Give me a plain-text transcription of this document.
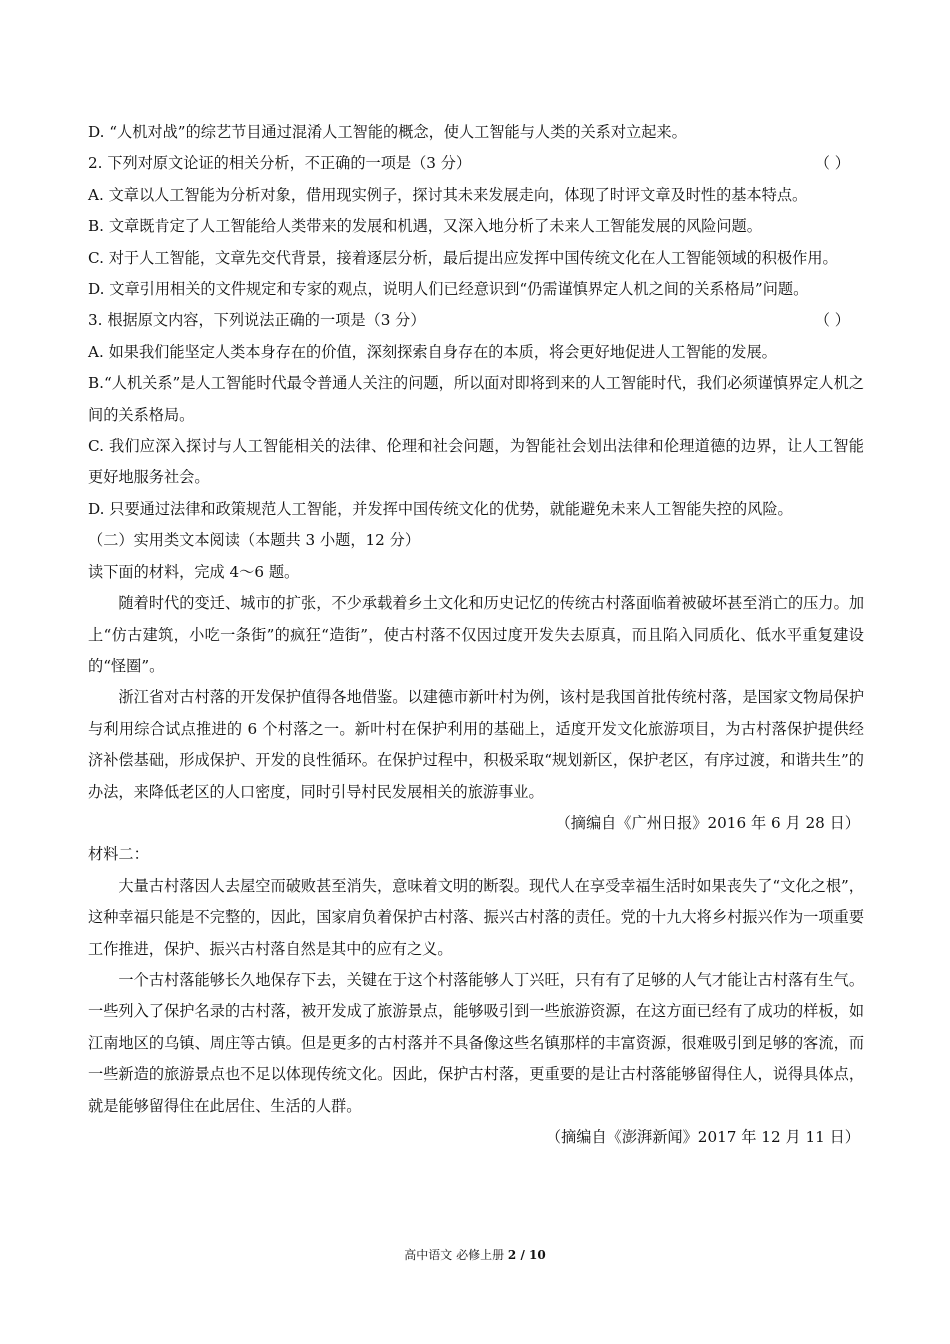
D. “人机对战”的综艺节目通过混淆人工智能的概念，使人工智能与人类的关系对立起来。

2. 下列对原文论证的相关分析，不正确的一项是（3 分）	（ ）

A. 文章以人工智能为分析对象，借用现实例子，探讨其未来发展走向，体现了时评文章及时性的基本特点。

B. 文章既肯定了人工智能给人类带来的发展和机遇，又深入地分析了未来人工智能发展的风险问题。

C. 对于人工智能，文章先交代背景，接着逐层分析，最后提出应发挥中国传统文化在人工智能领域的积极作用。

D. 文章引用相关的文件规定和专家的观点，说明人们已经意识到“仍需谨慎界定人机之间的关系格局”问题。

3. 根据原文内容，下列说法正确的一项是（3 分）	（ ）

A. 如果我们能坚定人类本身存在的价值，深刻探索自身存在的本质，将会更好地促进人工智能的发展。

B.“人机关系”是人工智能时代最令普通人关注的问题，所以面对即将到来的人工智能时代，我们必须谨慎界定人机之间的关系格局。

C. 我们应深入探讨与人工智能相关的法律、伦理和社会问题，为智能社会划出法律和伦理道德的边界，让人工智能更好地服务社会。

D. 只要通过法律和政策规范人工智能，并发挥中国传统文化的优势，就能避免未来人工智能失控的风险。

（二）实用类文本阅读（本题共 3 小题，12 分）

读下面的材料，完成 4～6 题。

随着时代的变迁、城市的扩张，不少承载着乡土文化和历史记忆的传统古村落面临着被破坏甚至消亡的压力。加上“仿古建筑，小吃一条街”的疯狂“造街”，使古村落不仅因过度开发失去原真，而且陷入同质化、低水平重复建设的“怪圈”。

浙江省对古村落的开发保护值得各地借鉴。以建德市新叶村为例，该村是我国首批传统村落，是国家文物局保护与利用综合试点推进的 6 个村落之一。新叶村在保护利用的基础上，适度开发文化旅游项目，为古村落保护提供经济补偿基础，形成保护、开发的良性循环。在保护过程中，积极采取“规划新区，保护老区，有序过渡，和谐共生”的办法，来降低老区的人口密度，同时引导村民发展相关的旅游事业。

（摘编自《广州日报》2016 年 6 月 28 日）

材料二：

大量古村落因人去屋空而破败甚至消失，意味着文明的断裂。现代人在享受幸福生活时如果丧失了“文化之根”，这种幸福只能是不完整的，因此，国家肩负着保护古村落、振兴古村落的责任。党的十九大将乡村振兴作为一项重要工作推进，保护、振兴古村落自然是其中的应有之义。

一个古村落能够长久地保存下去，关键在于这个村落能够人丁兴旺，只有有了足够的人气才能让古村落有生气。一些列入了保护名录的古村落，被开发成了旅游景点，能够吸引到一些旅游资源，在这方面已经有了成功的样板，如江南地区的乌镇、周庄等古镇。但是更多的古村落并不具备像这些名镇那样的丰富资源，很难吸引到足够的客流，而一些新造的旅游景点也不足以体现传统文化。因此，保护古村落，更重要的是让古村落能够留得住人，说得具体点，就是能够留得住在此居住、生活的人群。

（摘编自《澎湃新闻》2017 年 12 月 11 日）

高中语文 必修上册 2 / 10
